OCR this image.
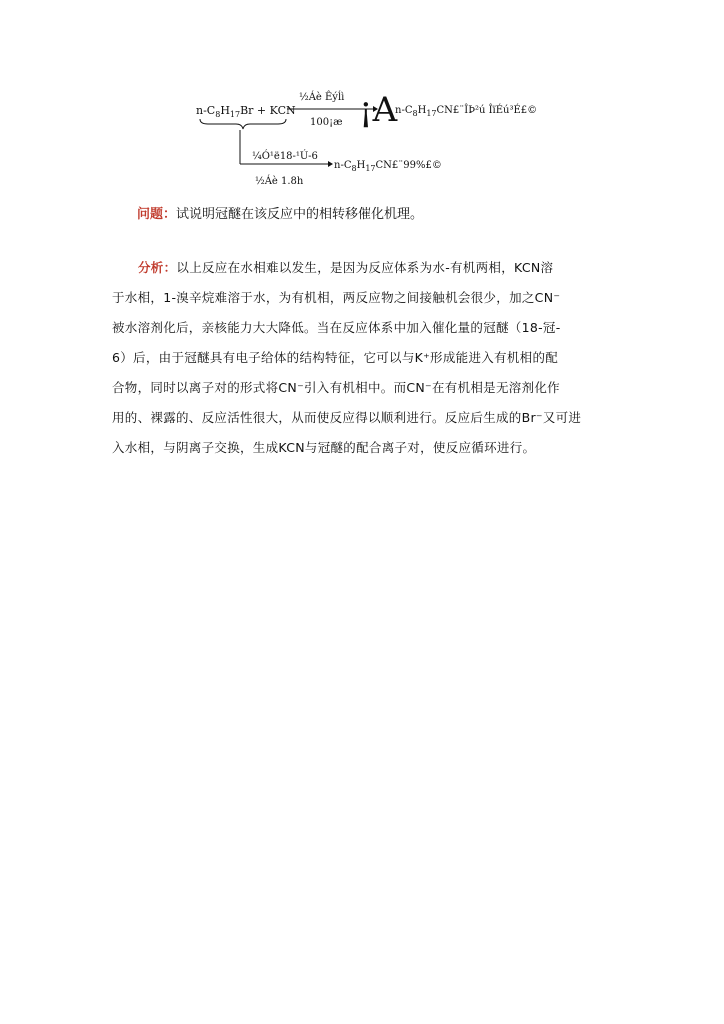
$n-C_8H_{17}Br$ + KCN
½Áè Êýĺì
100¡æ ¡A
$n-C_8H_{17}CN£¨ÎÞ^2ú$ ÎïÉú³É£©
¼Ó¹ë18-¹Ú-6
$n-C_8H_{17}CN£¨99\%£©$
½Áè 1.8h
问题：试说明冠醚在该反应中的相转移催化机理。
分析：以上反应在水相难以发生，是因为反应体系为水-有机两相，KCN溶
于水相，1-溴辛烷难溶于水，为有机相，两反应物之间接触机会很少，加之CN⁻
被水溶剂化后，亲核能力大大降低。当在反应体系中加入催化量的冠醚（18-冠-
6）后，由于冠醚具有电子给体的结构特征，它可以与K⁺形成能进入有机相的配
合物，同时以离子对的形式将CN⁻引入有机相中。而CN⁻在有机相是无溶剂化作
用的、裸露的、反应活性很大，从而使反应得以顺利进行。反应后生成的Br⁻又可进
入水相，与阴离子交换，生成KCN与冠醚的配合离子对，使反应循环进行。
